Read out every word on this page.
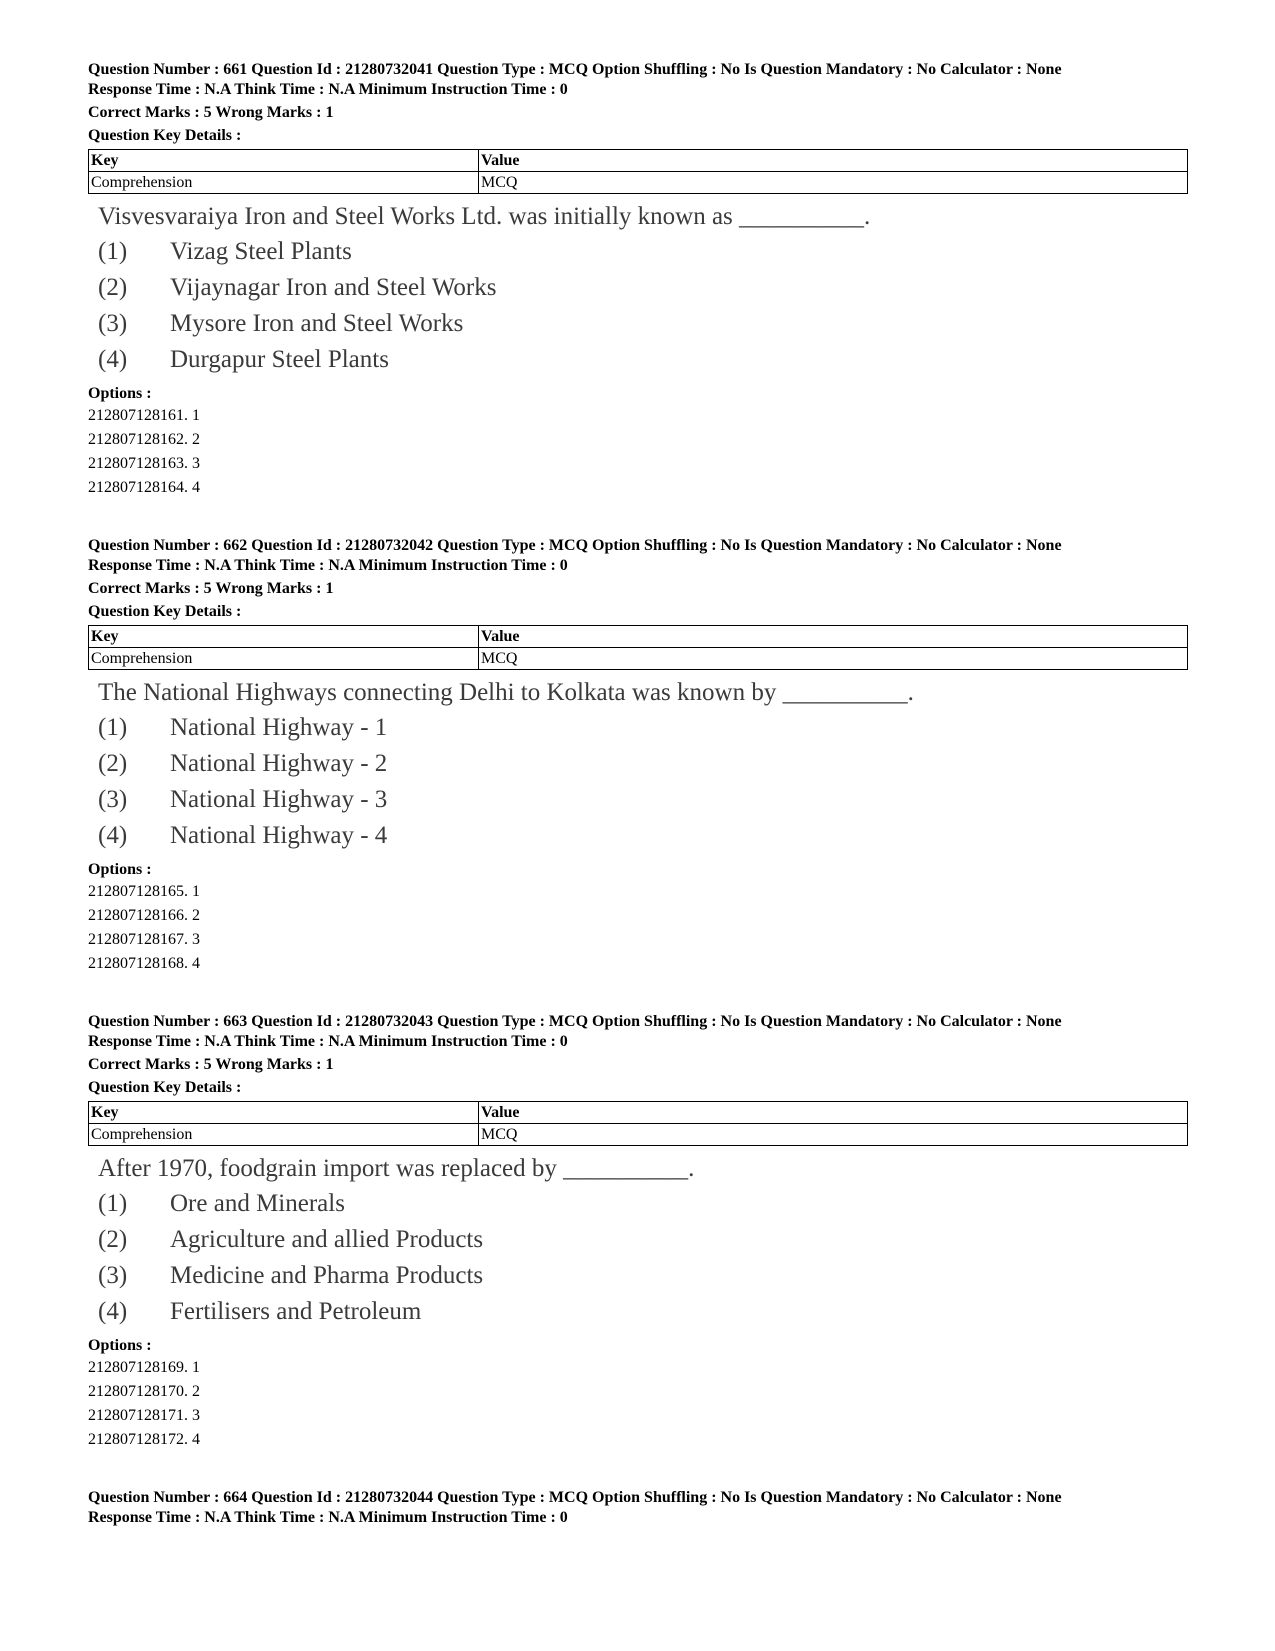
Question Number : 661 Question Id : 21280732041 Question Type : MCQ Option Shuffling : No Is Question Mandatory : No Calculator : None

Response Time : N.A Think Time : N.A Minimum Instruction Time : 0

Correct Marks : 5 Wrong Marks : 1

Question Key Details :

Key	Value
Comprehension	MCQ
Visvesvaraiya Iron and Steel Works Ltd. was initially known as __________.
(1)	Vizag Steel Plants
(2)	Vijaynagar Iron and Steel Works
(3)	Mysore Iron and Steel Works
(4)	Durgapur Steel Plants
Options :
212807128161. 1
212807128162. 2
212807128163. 3
212807128164. 4

Question Number : 662 Question Id : 21280732042 Question Type : MCQ Option Shuffling : No Is Question Mandatory : No Calculator : None

Response Time : N.A Think Time : N.A Minimum Instruction Time : 0

Correct Marks : 5 Wrong Marks : 1

Question Key Details :

Key	Value
Comprehension	MCQ
The National Highways connecting Delhi to Kolkata was known by __________.
(1)	National Highway - 1
(2)	National Highway - 2
(3)	National Highway - 3
(4)	National Highway - 4
Options :
212807128165. 1
212807128166. 2
212807128167. 3
212807128168. 4

Question Number : 663 Question Id : 21280732043 Question Type : MCQ Option Shuffling : No Is Question Mandatory : No Calculator : None

Response Time : N.A Think Time : N.A Minimum Instruction Time : 0

Correct Marks : 5 Wrong Marks : 1

Question Key Details :

Key	Value
Comprehension	MCQ
After 1970, foodgrain import was replaced by __________.
(1)	Ore and Minerals
(2)	Agriculture and allied Products
(3)	Medicine and Pharma Products
(4)	Fertilisers and Petroleum
Options :
212807128169. 1
212807128170. 2
212807128171. 3
212807128172. 4

Question Number : 664 Question Id : 21280732044 Question Type : MCQ Option Shuffling : No Is Question Mandatory : No Calculator : None

Response Time : N.A Think Time : N.A Minimum Instruction Time : 0
